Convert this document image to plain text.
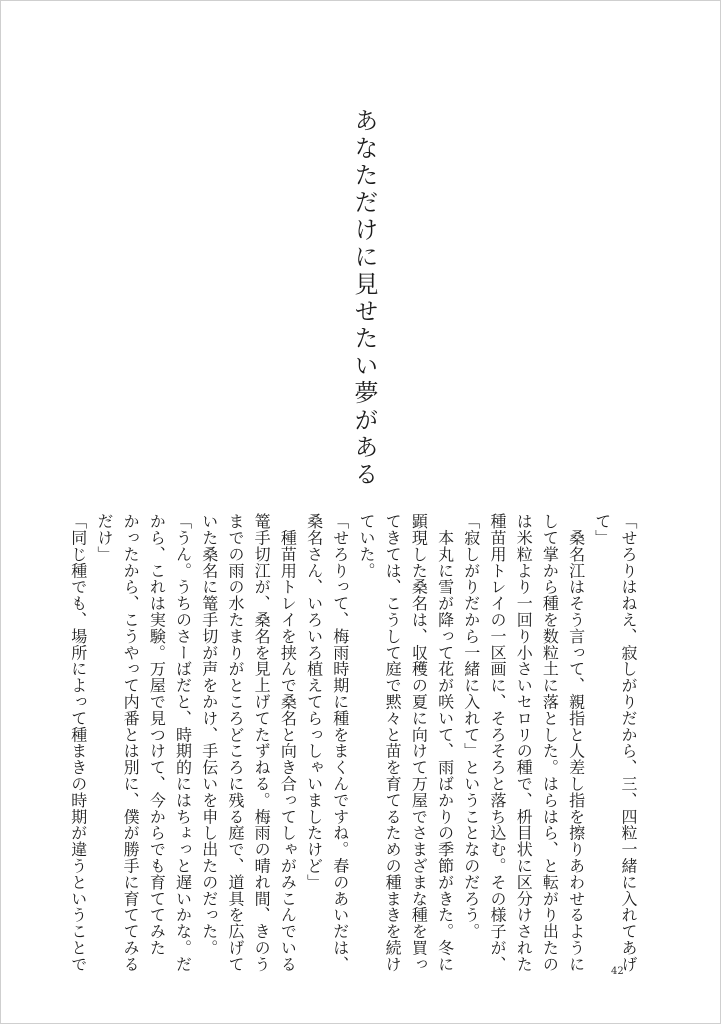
あなただけに見せたい夢がある

「せろりはねえ、寂しがりだから、三、四粒一緒に入れてあげ

て」

　桑名江はそう言って、親指と人差し指を擦りあわせるように

して掌から種を数粒土に落とした。はらはら、と転がり出たの

は米粒より一回り小さいセロリの種で、枡目状に区分けされた

種苗用トレイの一区画に、そろそろと落ち込む。その様子が、

「寂しがりだから一緒に入れて」ということなのだろう。

　本丸に雪が降って花が咲いて、雨ばかりの季節がきた。冬に

顕現した桑名は、収穫の夏に向けて万屋でさまざまな種を買っ

てきては、こうして庭で黙々と苗を育てるための種まきを続け

ていた。

「せろりって、梅雨時期に種をまくんですね。春のあいだは、

桑名さん、いろいろ植えてらっしゃいましたけど」

　種苗用トレイを挟んで桑名と向き合ってしゃがみこんでいる

篭手切江が、桑名を見上げてたずねる。梅雨の晴れ間、きのう

までの雨の水たまりがところどころに残る庭で、道具を広げて

いた桑名に篭手切が声をかけ、手伝いを申し出たのだった。

「うん。うちのさーばだと、時期的にはちょっと遅いかな。だ

から、これは実験。万屋で見つけて、今からでも育ててみた

かったから、こうやって内番とは別に、僕が勝手に育ててみる

だけ」

「同じ種でも、場所によって種まきの時期が違うということで	42
